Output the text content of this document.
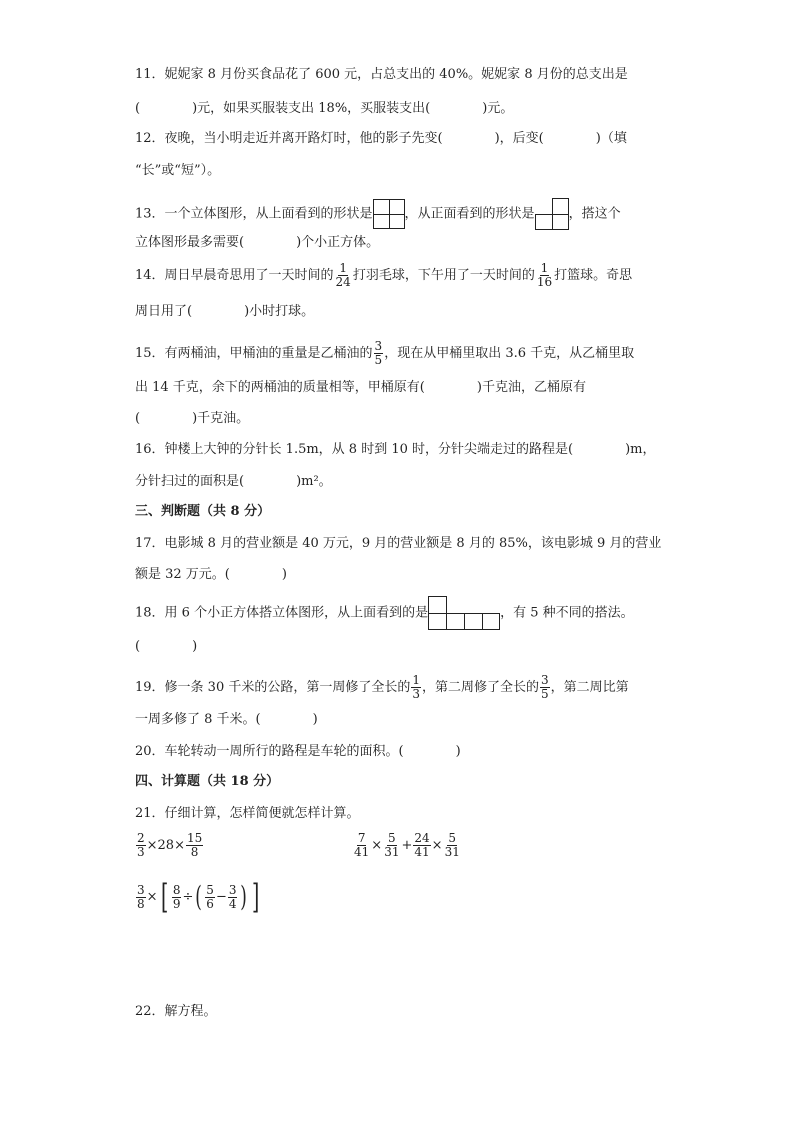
11．妮妮家 8 月份买食品花了 600 元，占总支出的 40%。妮妮家 8 月份的总支出是
(　　　　)元，如果买服装支出 18%，买服装支出(　　　　)元。
12．夜晚，当小明走近并离开路灯时，他的影子先变(　　　　)，后变(　　　　)（填
“长”或“短”）。
13．一个立体图形，从上面看到的形状是 ，从正面看到的形状是	，搭这个
立体图形最多需要(　　　　)个小正方体。
14．周日早晨奇思用了一天时间的 $\frac{1}{24}$ 打羽毛球，下午用了一天时间的 $\frac{1}{16}$ 打篮球。奇思
周日用了(　　　　)小时打球。
15．有两桶油，甲桶油的重量是乙桶油的 $\frac{3}{5}$ ，现在从甲桶里取出 3.6 千克，从乙桶里取
出 14 千克，余下的两桶油的质量相等，甲桶原有(　　　　)千克油，乙桶原有
(　　　　)千克油。
16．钟楼上大钟的分针长 1.5m，从 8 时到 10 时，分针尖端走过的路程是(　　　　)m，
分针扫过的面积是(　　　　)m²。
三、判断题（共 8 分）
17．电影城 8 月的营业额是 40 万元，9 月的营业额是 8 月的 85%，该电影城 9 月的营业
额是 32 万元。(　　　　)
18．用 6 个小正方体搭立体图形，从上面看到的是	，有 5 种不同的搭法。
(　　　　)
19．修一条 30 千米的公路，第一周修了全长的 $\frac{1}{3}$ ，第二周修了全长的 $\frac{3}{5}$ ，第二周比第
一周多修了 8 千米。(　　　　)
20．车轮转动一周所行的路程是车轮的面积。(　　　　)
四、计算题（共 18 分）
21．仔细计算，怎样简便就怎样计算。
$\frac{2}{3} \times 28\times \frac{15}{8}$	$\frac{7}{41} \times \frac{5}{31} + \frac{24}{41} \times \frac{5}{31}$
$\frac{3}{8}$ ×[ $\frac{8}{9}$ ÷( $\frac{5}{6} - \frac{3}{4}$ ) ]
22．解方程。
